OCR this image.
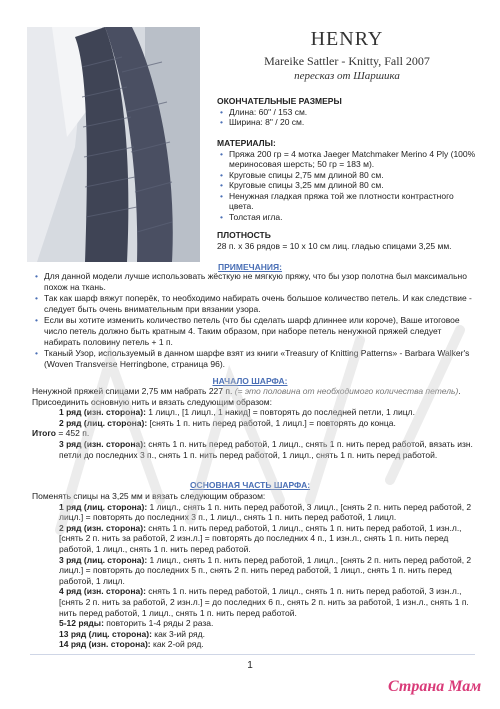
HENRY
Mareike Sattler - Knitty, Fall 2007
пересказ от Шаршика
ОКОНЧАТЕЛЬНЫЕ РАЗМЕРЫ
• Длина: 60" / 153 см.
• Ширина: 8" / 20 см.
МАТЕРИАЛЫ:
• Пряжа 200 гр = 4 мотка Jaeger Matchmaker Merino 4 Ply (100% мериносовая шерсть; 50 гр = 183 м).
• Круговые спицы 2,75 мм длиной 80 см.
• Круговые спицы 3,25 мм длиной 80 см.
• Ненужная гладкая пряжа той же плотности контрастного цвета.
• Толстая игла.
ПЛОТНОСТЬ
28 п. х 36 рядов = 10 х 10 см лиц. гладью спицами 3,25 мм.
ПРИМЕЧАНИЯ:
• Для данной модели лучше использовать жёсткую не мягкую пряжу, что бы узор полотна был максимально похож на ткань.
• Так как шарф вяжут поперёк, то необходимо набирать очень большое количество петель. И как следствие - следует быть очень внимательным при вязании узора.
• Если вы хотите изменить количество петель (что бы сделать шарф длиннее или короче), Ваше итоговое число петель должно быть кратным 4. Таким образом, при наборе петель ненужной пряжей следует набирать половину петель + 1 п.
• Тканый Узор, используемый в данном шарфе взят из книги «Treasury of Knitting Patterns» - Barbara Walker's (Woven Transverse Herringbone, страница 96).
НАЧАЛО ШАРФА:
Ненужной пряжей спицами 2,75 мм набрать 227 п. (= это половина от необходимого количества петель). Присоединить основную нить и вязать следующим образом:
1 ряд (изн. сторона): 1 лицл., [1 лицл., 1 накид] = повторять до последней петли, 1 лицл.
2 ряд (лиц. сторона): [снять 1 п. нить перед работой, 1 лицл.] = повторять до конца.
Итого = 452 п.
3 ряд (изн. сторона): снять 1 п. нить перед работой, 1 лицл., снять 1 п. нить перед работой, вязать изн. петли до последних 3 п., снять 1 п. нить перед работой, 1 лицл., снять 1 п. нить перед работой.
ОСНОВНАЯ ЧАСТЬ ШАРФА:
Поменять спицы на 3,25 мм и вязать следующим образом:
1 ряд (лиц. сторона): 1 лицл., снять 1 п. нить перед работой, 3 лицл., [снять 2 п. нить перед работой, 2 лицл.] = повторять до последних 3 п., 1 лицл., снять 1 п. нить перед работой, 1 лицл.
2 ряд (изн. сторона): снять 1 п. нить перед работой, 1 лицл., снять 1 п. нить перед работой, 1 изн.л., [снять 2 п. нить за работой, 2 изн.л.] = повторять до последних 4 п., 1 изн.л., снять 1 п. нить перед работой, 1 лицл., снять 1 п. нить перед работой.
3 ряд (лиц. сторона): 1 лицл., снять 1 п. нить перед работой, 1 лицл., [снять 2 п. нить перед работой, 2 лицл.] = повторять до последних 5 п., снять 2 п. нить перед работой, 1 лицл., снять 1 п. нить перед работой, 1 лицл.
4 ряд (изн. сторона): снять 1 п. нить перед работой, 1 лицл., снять 1 п. нить перед работой, 3 изн.л., [снять 2 п. нить за работой, 2 изн.л.] = до последних 6 п., снять 2 п. нить за работой, 1 изн.л., снять 1 п. нить перед работой, 1 лицл., снять 1 п. нить перед работой.
5-12 ряды: повторить 1-4 ряды 2 раза.
13 ряд (лиц. сторона): как 3-ий ряд.
14 ряд (изн. сторона): как 2-ой ряд.
1
Страна Мам
